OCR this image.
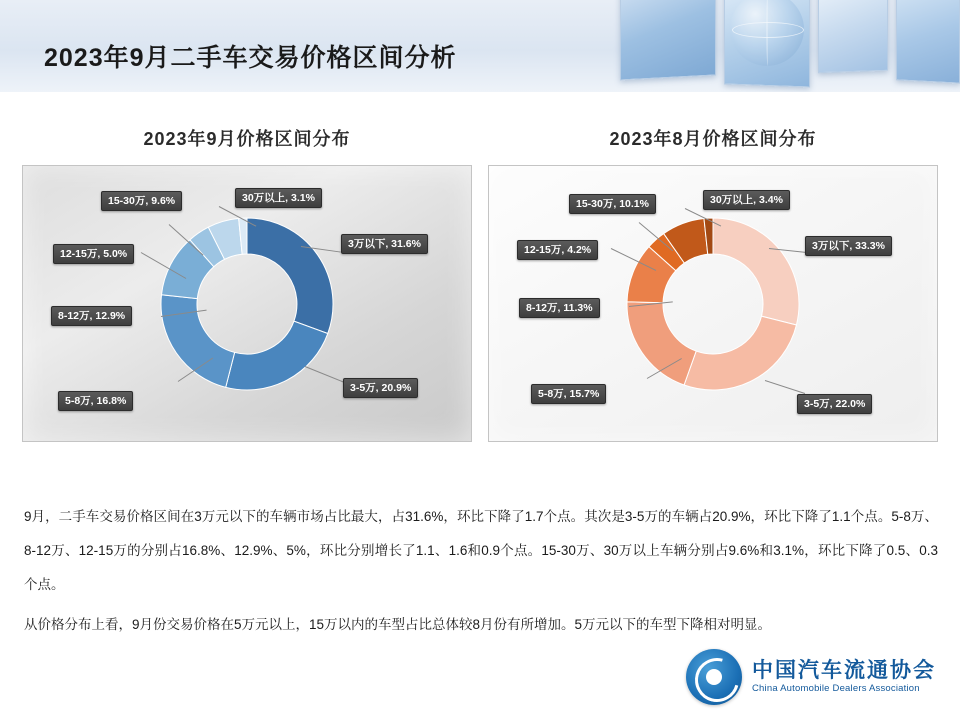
2023年9月二手车交易价格区间分析
2023年9月价格区间分布
3万以下, 31.6%
3-5万, 20.9%
5-8万, 16.8%
8-12万, 12.9%
12-15万, 5.0%
15-30万, 9.6%	30万以上, 3.1%
2023年8月价格区间分布
3万以下, 33.3%
3-5万, 22.0%
5-8万, 15.7%
8-12万, 11.3%
12-15万, 4.2%
15-30万, 10.1%	30万以上, 3.4%

9月，二手车交易价格区间在3万元以下的车辆市场占比最大，占31.6%，环比下降了1.7个点。其次是3-5万的车辆占20.9%，环比下降了1.1个点。5-8万、8-12万、12-15万的分别占16.8%、12.9%、5%，环比分别增长了1.1、1.6和0.9个点。15-30万、30万以上车辆分别占9.6%和3.1%，环比下降了0.5、0.3个点。

从价格分布上看，9月份交易价格在5万元以上，15万以内的车型占比总体较8月份有所增加。5万元以下的车型下降相对明显。

中国汽车流通协会
China Automobile Dealers Association
